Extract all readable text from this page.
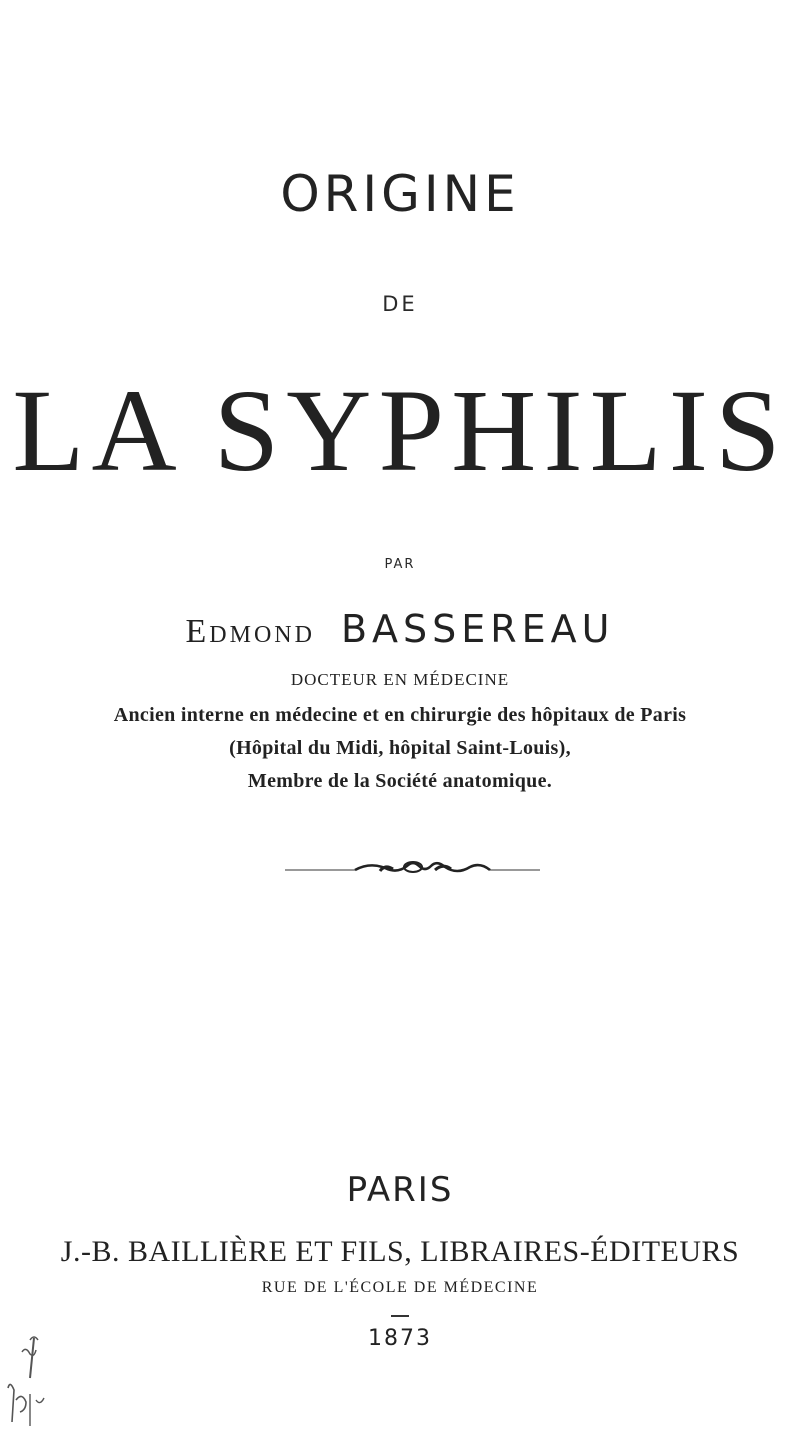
ORIGINE
DE
LA SYPHILIS
PAR
Edmond BASSEREAU
DOCTEUR EN MÉDECINE
Ancien interne en médecine et en chirurgie des hôpitaux de Paris
(Hôpital du Midi, hôpital Saint-Louis),
Membre de la Société anatomique.
PARIS
J.-B. BAILLIÈRE ET FILS, LIBRAIRES-ÉDITEURS
RUE DE L'ÉCOLE DE MÉDECINE
1873
